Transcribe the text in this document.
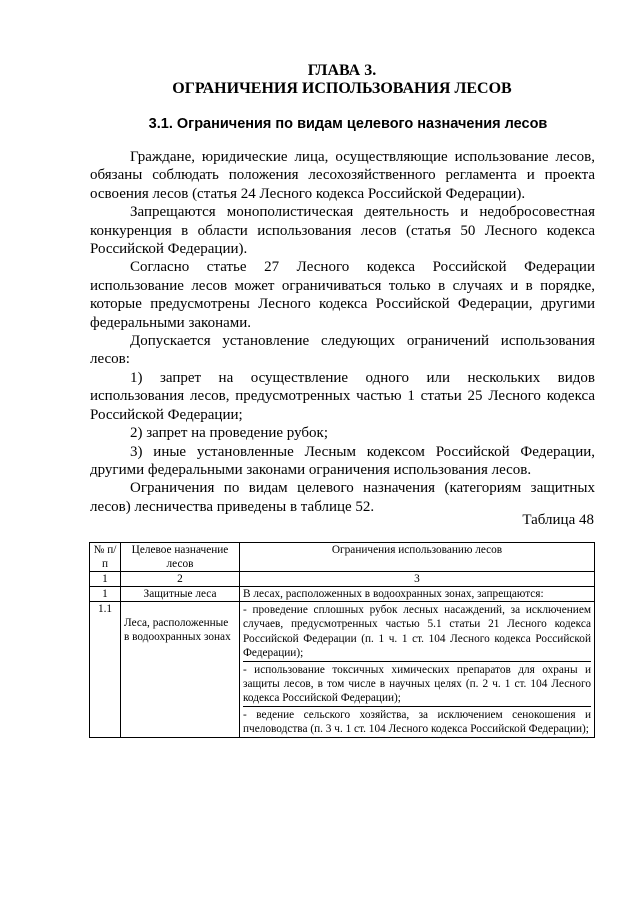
ГЛАВА 3.
ОГРАНИЧЕНИЯ ИСПОЛЬЗОВАНИЯ ЛЕСОВ
3.1. Ограничения по видам целевого назначения лесов

Граждане, юридические лица, осуществляющие использование лесов, обязаны соблюдать положения лесохозяйственного регламента и проекта освоения лесов (статья 24 Лесного кодекса Российской Федерации).

Запрещаются монополистическая деятельность и недобросовестная конкуренция в области использования лесов (статья 50 Лесного кодекса Российской Федерации).

Согласно статье 27 Лесного кодекса Российской Федерации использование лесов может ограничиваться только в случаях и в порядке, которые предусмотрены Лесного кодекса Российской Федерации, другими федеральными законами.

Допускается установление следующих ограничений использования лесов:

1) запрет на осуществление одного или нескольких видов использования лесов, предусмотренных частью 1 статьи 25 Лесного кодекса Российской Федерации;

2) запрет на проведение рубок;

3) иные установленные Лесным кодексом Российской Федерации, другими федеральными законами ограничения использования лесов.

Ограничения по видам целевого назначения (категориям защитных лесов) лесничества приведены в таблице 52.

Таблица 48
№ п/п	Целевое назначение лесов	Ограничения использованию лесов
1	2	3
1	Защитные леса	В лесах, расположенных в водоохранных зонах, запрещаются:
1.1	Леса, расположенные в водоохранных зонах	- проведение сплошных рубок лесных насаждений, за исключением случаев, предусмотренных частью 5.1 статьи 21 Лесного кодекса Российской Федерации (п. 1 ч. 1 ст. 104 Лесного кодекса Российской Федерации);
- использование токсичных химических препаратов для охраны и защиты лесов, в том числе в научных целях (п. 2 ч. 1 ст. 104 Лесного кодекса Российской Федерации);
- ведение сельского хозяйства, за исключением сенокошения и пчеловодства (п. 3 ч. 1 ст. 104 Лесного кодекса Российской Федерации);
